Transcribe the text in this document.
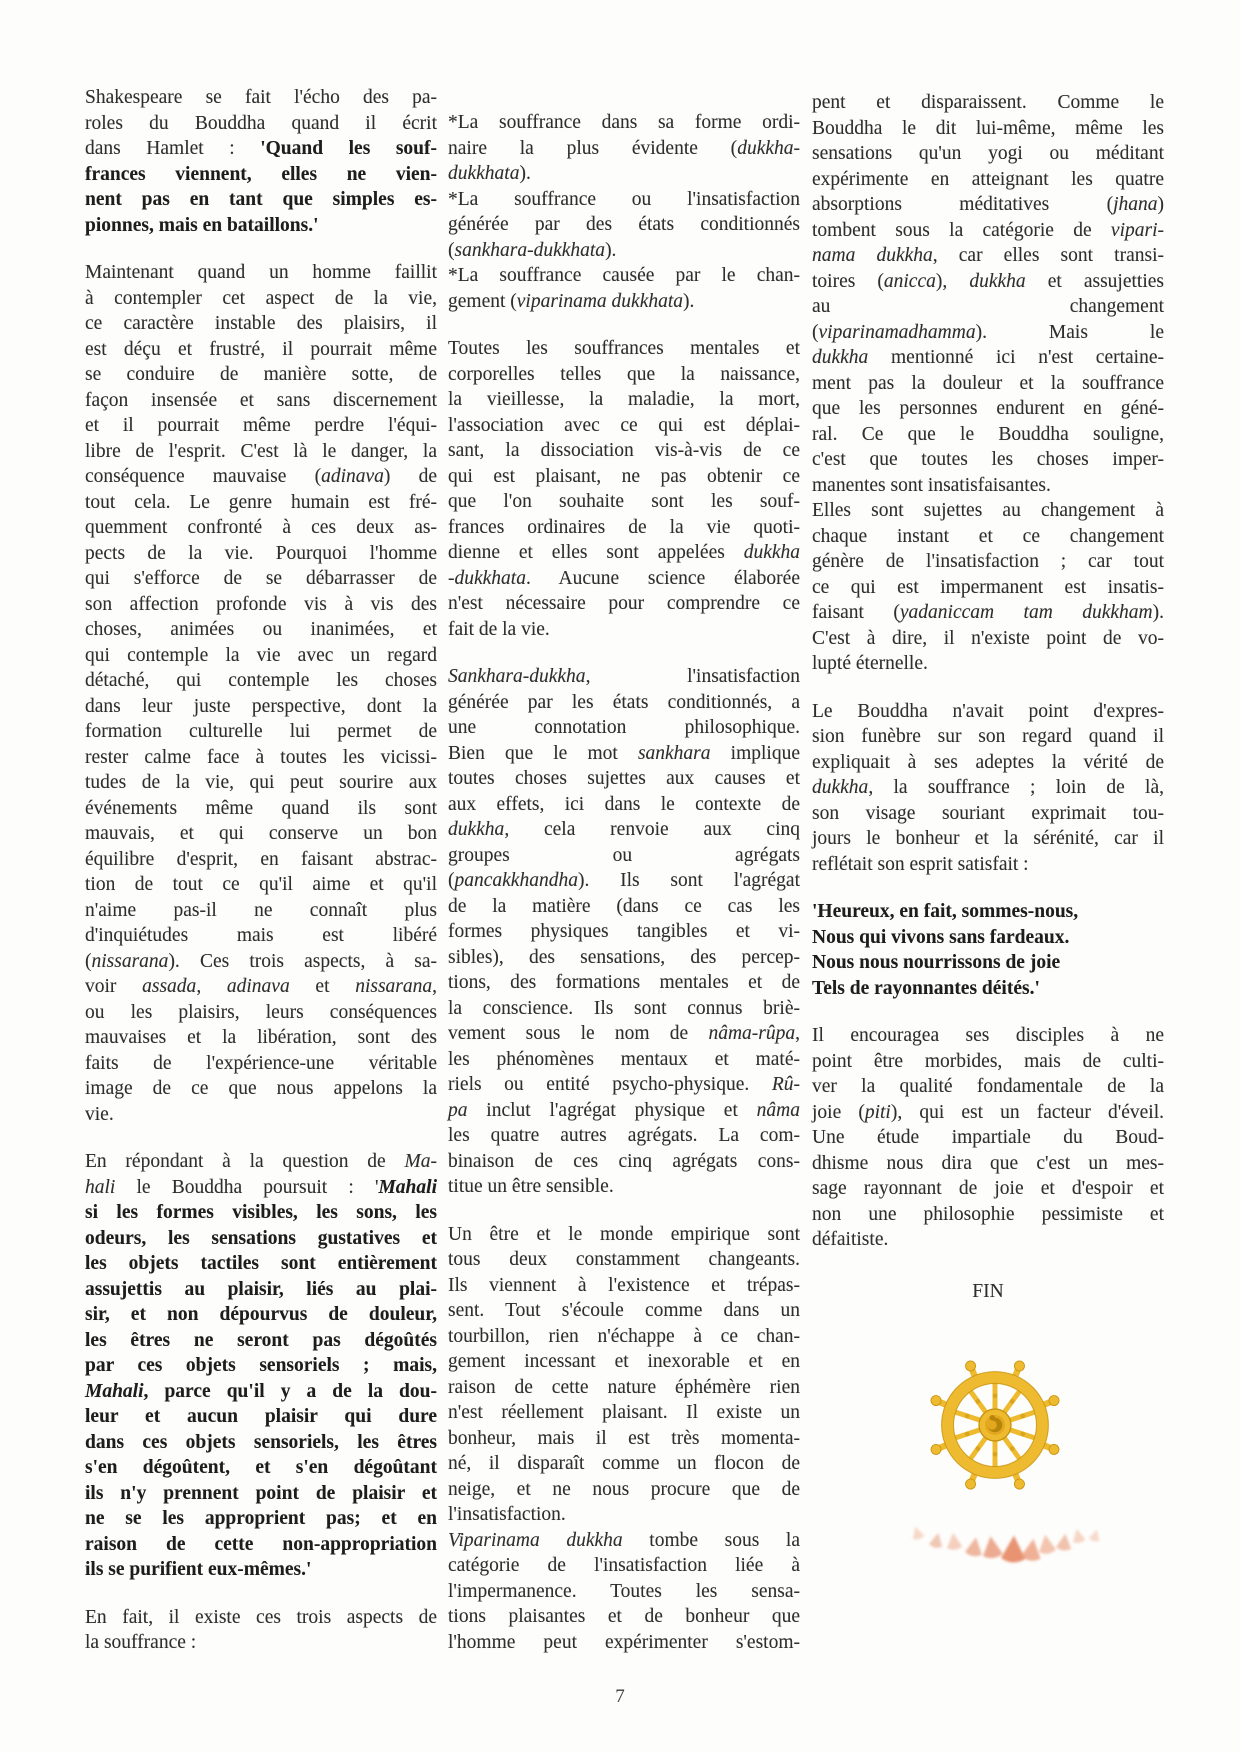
Shakespeare se fait l'écho des pa-
roles du Bouddha quand il écrit
dans Hamlet : 'Quand les souf-
frances viennent, elles ne vien-
nent pas en tant que simples es-
pionnes, mais en bataillons.'
Maintenant quand un homme faillit
à contempler cet aspect de la vie,
ce caractère instable des plaisirs, il
est déçu et frustré, il pourrait même
se conduire de manière sotte, de
façon insensée et sans discernement
et il pourrait même perdre l'équi-
libre de l'esprit. C'est là le danger, la
conséquence mauvaise (adinava) de
tout cela. Le genre humain est fré-
quemment confronté à ces deux as-
pects de la vie. Pourquoi l'homme
qui s'efforce de se débarrasser de
son affection profonde vis à vis des
choses, animées ou inanimées, et
qui contemple la vie avec un regard
détaché, qui contemple les choses
dans leur juste perspective, dont la
formation culturelle lui permet de
rester calme face à toutes les vicissi-
tudes de la vie, qui peut sourire aux
événements même quand ils sont
mauvais, et qui conserve un bon
équilibre d'esprit, en faisant abstrac-
tion de tout ce qu'il aime et qu'il
n'aime pas-il ne connaît plus
d'inquiétudes mais est libéré
(nissarana). Ces trois aspects, à sa-
voir assada, adinava et nissarana,
ou les plaisirs, leurs conséquences
mauvaises et la libération, sont des
faits de l'expérience-une véritable
image de ce que nous appelons la
vie.
En répondant à la question de Ma-
hali le Bouddha poursuit : 'Mahali
si les formes visibles, les sons, les
odeurs, les sensations gustatives et
les objets tactiles sont entièrement
assujettis au plaisir, liés au plai-
sir, et non dépourvus de douleur,
les êtres ne seront pas dégoûtés
par ces objets sensoriels ; mais,
Mahali, parce qu'il y a de la dou-
leur et aucun plaisir qui dure
dans ces objets sensoriels, les êtres
s'en dégoûtent, et s'en dégoûtant
ils n'y prennent point de plaisir et
ne se les approprient pas; et en
raison de cette non-appropriation
ils se purifient eux-mêmes.'
En fait, il existe ces trois aspects de
la souffrance :
*La souffrance dans sa forme ordi-
naire la plus évidente (dukkha-
dukkhata).
*La souffrance ou l'insatisfaction
générée par des états conditionnés
(sankhara-dukkhata).
*La souffrance causée par le chan-
gement (viparinama dukkhata).
Toutes les souffrances mentales et
corporelles telles que la naissance,
la vieillesse, la maladie, la mort,
l'association avec ce qui est déplai-
sant, la dissociation vis-à-vis de ce
qui est plaisant, ne pas obtenir ce
que l'on souhaite sont les souf-
frances ordinaires de la vie quoti-
dienne et elles sont appelées dukkha
-dukkhata. Aucune science élaborée
n'est nécessaire pour comprendre ce
fait de la vie.
Sankhara-dukkha, l'insatisfaction
générée par les états conditionnés, a
une connotation philosophique.
Bien que le mot sankhara implique
toutes choses sujettes aux causes et
aux effets, ici dans le contexte de
dukkha, cela renvoie aux cinq
groupes ou agrégats
(pancakkhandha). Ils sont l'agrégat
de la matière (dans ce cas les
formes physiques tangibles et vi-
sibles), des sensations, des percep-
tions, des formations mentales et de
la conscience. Ils sont connus briè-
vement sous le nom de nâma-rûpa,
les phénomènes mentaux et maté-
riels ou entité psycho-physique. Rû-
pa inclut l'agrégat physique et nâma
les quatre autres agrégats. La com-
binaison de ces cinq agrégats cons-
titue un être sensible.
Un être et le monde empirique sont
tous deux constamment changeants.
Ils viennent à l'existence et trépas-
sent. Tout s'écoule comme dans un
tourbillon, rien n'échappe à ce chan-
gement incessant et inexorable et en
raison de cette nature éphémère rien
n'est réellement plaisant. Il existe un
bonheur, mais il est très momenta-
né, il disparaît comme un flocon de
neige, et ne nous procure que de
l'insatisfaction.
Viparinama dukkha tombe sous la
catégorie de l'insatisfaction liée à
l'impermanence. Toutes les sensa-
tions plaisantes et de bonheur que
l'homme peut expérimenter s'estom-
pent et disparaissent. Comme le
Bouddha le dit lui-même, même les
sensations qu'un yogi ou méditant
expérimente en atteignant les quatre
absorptions méditatives (jhana)
tombent sous la catégorie de vipari-
nama dukkha, car elles sont transi-
toires (anicca), dukkha et assujetties
au changement
(viparinamadhamma). Mais le
dukkha mentionné ici n'est certaine-
ment pas la douleur et la souffrance
que les personnes endurent en géné-
ral. Ce que le Bouddha souligne,
c'est que toutes les choses imper-
manentes sont insatisfaisantes.
Elles sont sujettes au changement à
chaque instant et ce changement
génère de l'insatisfaction ; car tout
ce qui est impermanent est insatis-
faisant (yadaniccam tam dukkham).
C'est à dire, il n'existe point de vo-
lupté éternelle.
Le Bouddha n'avait point d'expres-
sion funèbre sur son regard quand il
expliquait à ses adeptes la vérité de
dukkha, la souffrance ; loin de là,
son visage souriant exprimait tou-
jours le bonheur et la sérénité, car il
reflétait son esprit satisfait :
'Heureux, en fait, sommes-nous,
Nous qui vivons sans fardeaux.
Nous nous nourrissons de joie
Tels de rayonnantes déités.'
Il encouragea ses disciples à ne
point être morbides, mais de culti-
ver la qualité fondamentale de la
joie (piti), qui est un facteur d'éveil.
Une étude impartiale du Boud-
dhisme nous dira que c'est un mes-
sage rayonnant de joie et d'espoir et
non une philosophie pessimiste et
défaitiste.
FIN
7
